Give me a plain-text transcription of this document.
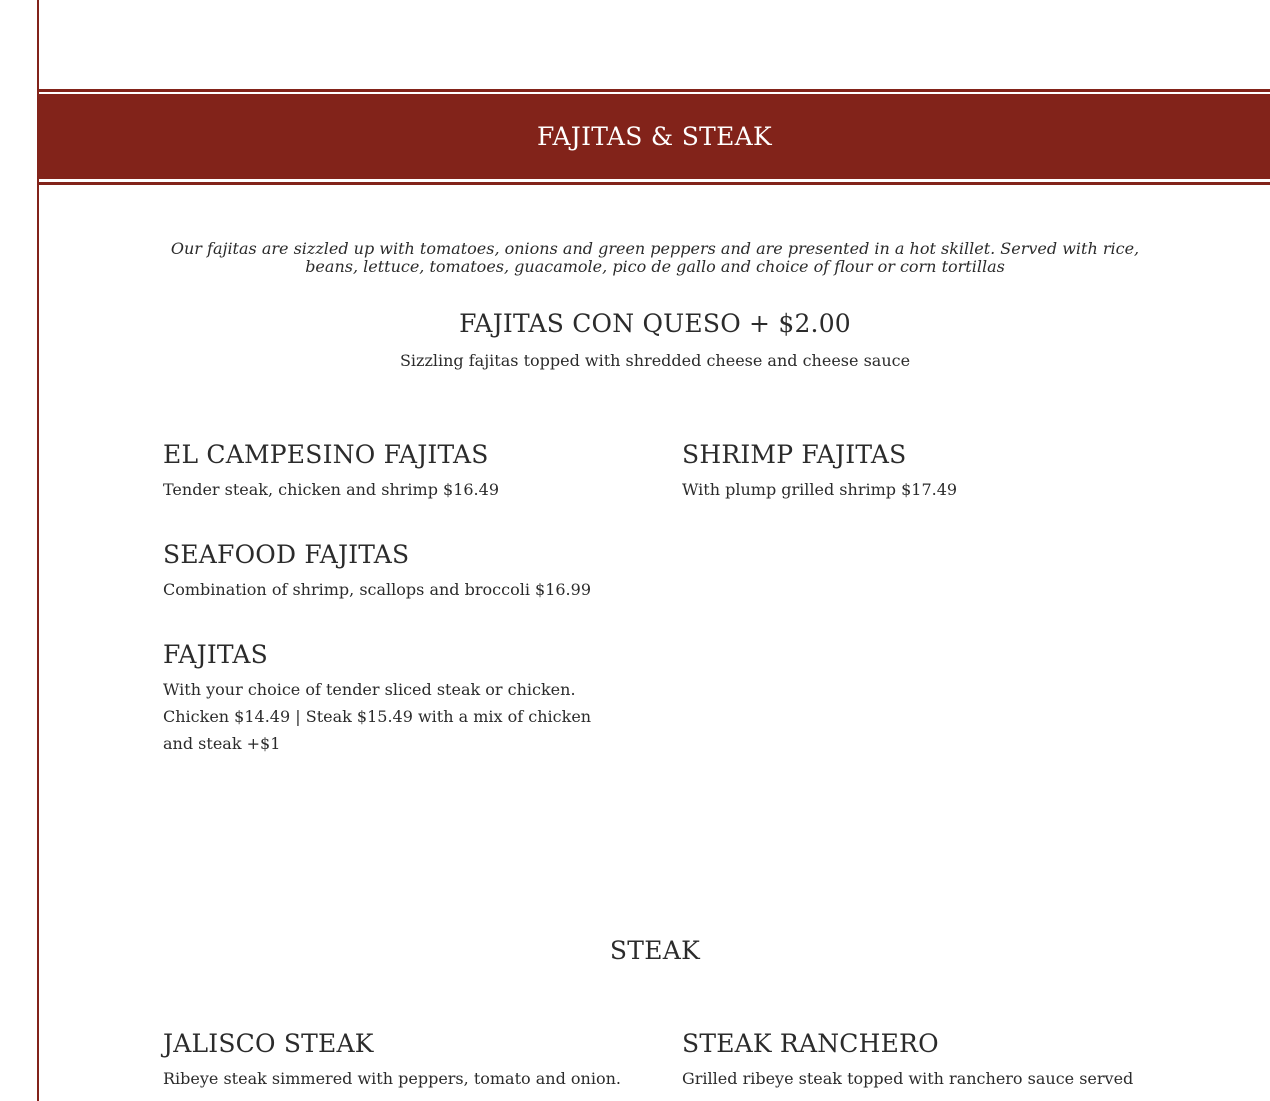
FAJITAS & STEAK

Our fajitas are sizzled up with tomatoes, onions and green peppers and are presented in a hot skillet. Served with rice, beans, lettuce, tomatoes, guacamole, pico de gallo and choice of flour or corn tortillas

FAJITAS CON QUESO + $2.00

Sizzling fajitas topped with shredded cheese and cheese sauce

EL CAMPESINO FAJITAS

Tender steak, chicken and shrimp $16.49

SHRIMP FAJITAS

With plump grilled shrimp $17.49

SEAFOOD FAJITAS

Combination of shrimp, scallops and broccoli $16.99

FAJITAS

With your choice of tender sliced steak or chicken. Chicken $14.49 | Steak $15.49 with a mix of chicken and steak +$1

STEAK
JALISCO STEAK

Ribeye steak simmered with peppers, tomato and onion.

STEAK RANCHERO

Grilled ribeye steak topped with ranchero sauce served
